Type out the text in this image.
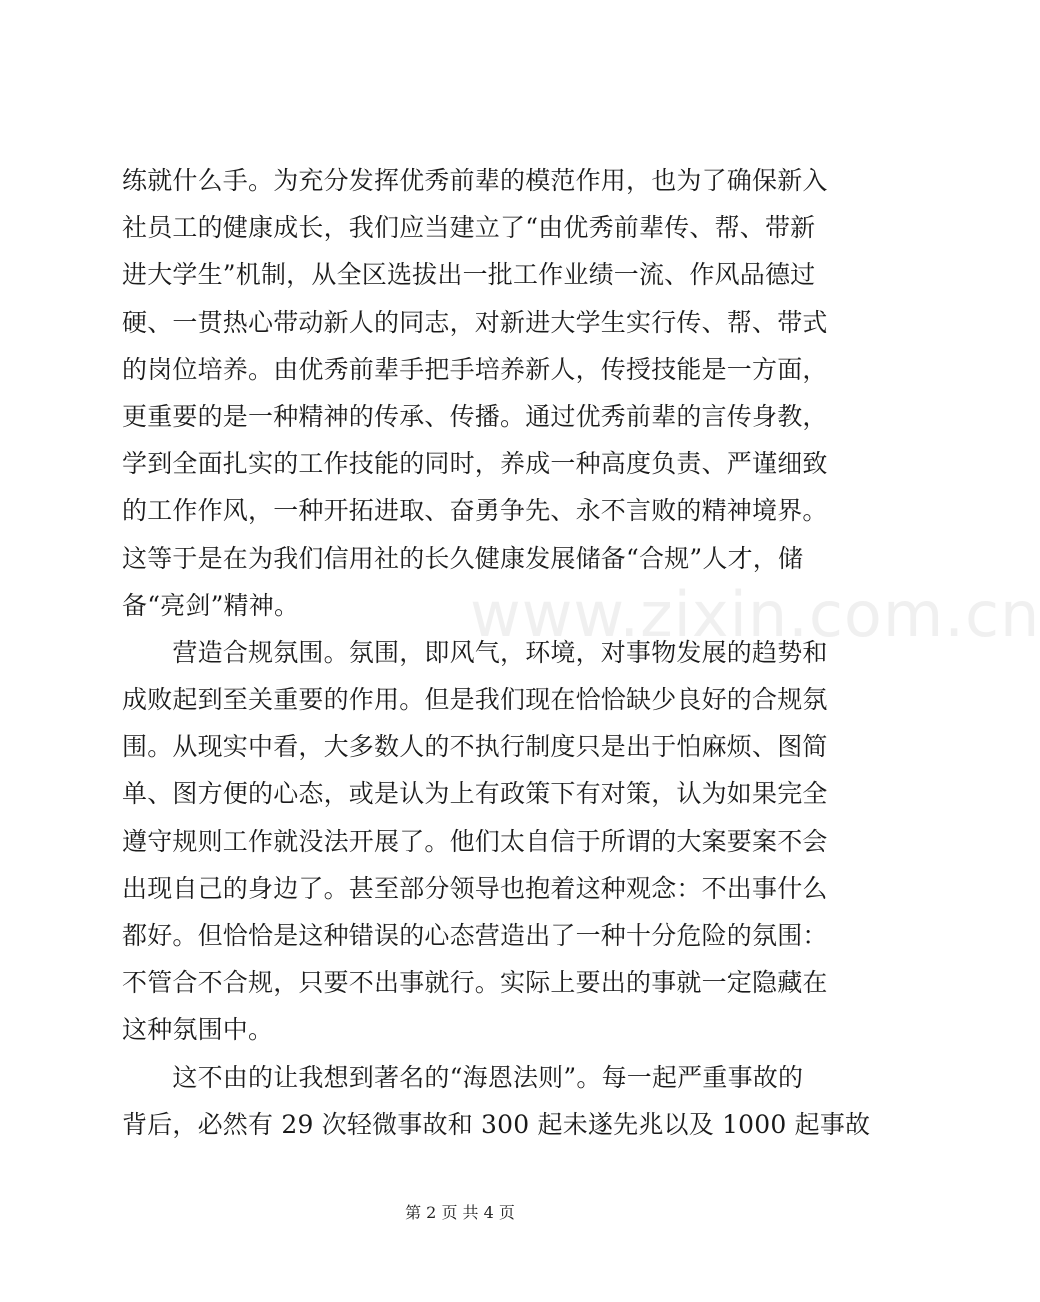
www.zixin.com.cn
练就什么手。为充分发挥优秀前辈的模范作用，也为了确保新入
社员工的健康成长，我们应当建立了“由优秀前辈传、帮、带新
进大学生”机制，从全区选拔出一批工作业绩一流、作风品德过
硬、一贯热心带动新人的同志，对新进大学生实行传、帮、带式
的岗位培养。由优秀前辈手把手培养新人，传授技能是一方面，
更重要的是一种精神的传承、传播。通过优秀前辈的言传身教，
学到全面扎实的工作技能的同时，养成一种高度负责、严谨细致
的工作作风，一种开拓进取、奋勇争先、永不言败的精神境界。
这等于是在为我们信用社的长久健康发展储备“合规”人才，储
备“亮剑”精神。
　　营造合规氛围。氛围，即风气，环境，对事物发展的趋势和
成败起到至关重要的作用。但是我们现在恰恰缺少良好的合规氛
围。从现实中看，大多数人的不执行制度只是出于怕麻烦、图简
单、图方便的心态，或是认为上有政策下有对策，认为如果完全
遵守规则工作就没法开展了。他们太自信于所谓的大案要案不会
出现自己的身边了。甚至部分领导也抱着这种观念：不出事什么
都好。但恰恰是这种错误的心态营造出了一种十分危险的氛围：
不管合不合规，只要不出事就行。实际上要出的事就一定隐藏在
这种氛围中。
　　这不由的让我想到著名的“海恩法则”。每一起严重事故的
背后，必然有 29 次轻微事故和 300 起未遂先兆以及 1000 起事故
第 2 页 共 4 页
